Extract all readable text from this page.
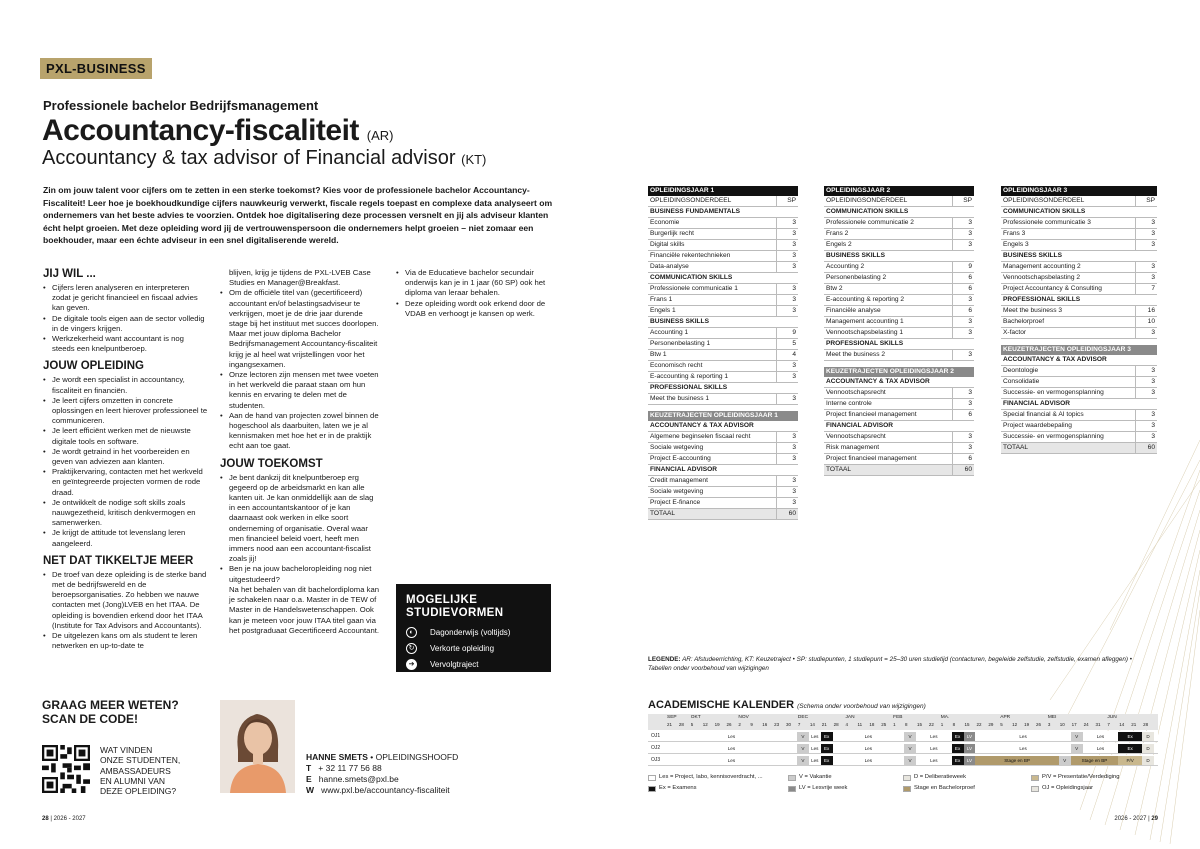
PXL-BUSINESS
Professionele bachelor Bedrijfsmanagement
Accountancy-fiscaliteit (AR)
Accountancy & tax advisor of Financial advisor (KT)
Zin om jouw talent voor cijfers om te zetten in een sterke toekomst? Kies voor de professionele bachelor Accountancy-Fiscaliteit! Leer hoe je boekhoudkundige cijfers nauwkeurig verwerkt, fiscale regels toepast en complexe data analyseert om ondernemers van het beste advies te voorzien. Ontdek hoe digitalisering deze processen versnelt en jij als adviseur klanten écht helpt groeien. Met deze opleiding word jij de vertrouwenspersoon die ondernemers helpt groeien – niet zomaar een boekhouder, maar een échte adviseur in een snel digitaliserende wereld.
JIJ WIL ...
• Cijfers leren analyseren en interpreteren zodat je gericht financieel en fiscaal advies kan geven.
• De digitale tools eigen aan de sector volledig in de vingers krijgen.
• Werkzekerheid want accountant is nog steeds een knelpuntberoep.
JOUW OPLEIDING
• Je wordt een specialist in accountancy, fiscaliteit en financiën.
• Je leert cijfers omzetten in concrete oplossingen en leert hierover professioneel te communiceren.
• Je leert efficiënt werken met de nieuwste digitale tools en software.
• Je wordt getraind in het voorbereiden en geven van adviezen aan klanten.
• Praktijkervaring, contacten met het werkveld en geïntegreerde projecten vormen de rode draad.
• Je ontwikkelt de nodige soft skills zoals nauwgezetheid, kritisch denkvermogen en samenwerken.
• Je krijgt de attitude tot levenslang leren aangeleerd.
NET DAT TIKKELTJE MEER
• De troef van deze opleiding is de sterke band met de bedrijfswereld en de beroepsorganisaties. Zo hebben we nauwe contacten met (Jong)LVEB en het ITAA. De opleiding is bovendien erkend door het ITAA (Institute for Tax Advisors and Accountants).
• De uitgelezen kans om als student te leren netwerken en up-to-date te

blijven, krijg je tijdens de PXL-LVEB Case Studies en Manager@Breakfast.

• Om de officiële titel van (gecertificeerd) accountant en/of belastingsadviseur te verkrijgen, moet je de drie jaar durende stage bij het instituut met succes doorlopen. Maar met jouw diploma Bachelor Bedrijfsmanagement Accountancy-fiscaliteit krijg je al heel wat vrijstellingen voor het ingangsexamen.
• Onze lectoren zijn mensen met twee voeten in het werkveld die paraat staan om hun kennis en ervaring te delen met de studenten.
• Aan de hand van projecten zowel binnen de hogeschool als daarbuiten, laten we je al kennismaken met hoe het er in de praktijk echt aan toe gaat.
JOUW TOEKOMST
• Je bent dankzij dit knelpuntberoep erg gegeerd op de arbeidsmarkt en kan alle kanten uit. Je kan onmiddellijk aan de slag in een accountantskantoor of je kan daarnaast ook werken in elke soort onderneming of organisatie. Overal waar men financieel beleid voert, heeft men immers nood aan een accountant-fiscalist zoals jij!
• Ben je na jouw bacheloropleiding nog niet uitgestudeerd?

Na het behalen van dit bachelordiploma kan je schakelen naar o.a. Master in de TEW of Master in de Handelswetenschappen. Ook kan je meteen voor jouw ITAA titel gaan via het postgraduaat Gecertificeerd Accountant.

• Via de Educatieve bachelor secundair onderwijs kan je in 1 jaar (60 SP) ook het diploma van leraar behalen.
• Deze opleiding wordt ook erkend door de VDAB en verhoogt je kansen op werk.
MOGELIJKE
STUDIEVORMEN
◐	Dagonderwijs (voltijds)
↻	Verkorte opleiding
➔	Vervolgtraject
GRAAG MEER WETEN?
SCAN DE CODE!
WAT VINDEN
ONZE STUDENTEN,
AMBASSADEURS
EN ALUMNI VAN
DEZE OPLEIDING?
HANNE SMETS • OPLEIDINGSHOOFD
T + 32 11 77 56 88
E hanne.smets@pxl.be
W www.pxl.be/accountancy-fiscaliteit
28 | 2026 - 2027	2026 - 2027 | 29
OPLEIDINGSJAAR 1	
OPLEIDINGSONDERDEEL	SP
BUSINESS FUNDAMENTALS	
Economie	3
Burgerlijk recht	3
Digital skills	3
Financiële rekentechnieken	3
Data-analyse	3
COMMUNICATION SKILLS	
Professionele communicatie 1	3
Frans 1	3
Engels 1	3
BUSINESS SKILLS	
Accounting 1	9
Personenbelasting 1	5
Btw 1	4
Economisch recht	3
E-accounting & reporting 1	3
PROFESSIONAL SKILLS	
Meet the business 1	3

KEUZETRAJECTEN OPLEIDINGSJAAR 1	
ACCOUNTANCY & TAX ADVISOR	
Algemene beginselen fiscaal recht	3
Sociale wetgeving	3
Project E-accounting	3
FINANCIAL ADVISOR	
Credit management	3
Sociale wetgeving	3
Project E-finance	3
TOTAAL	60
OPLEIDINGSJAAR 2	
OPLEIDINGSONDERDEEL	SP
COMMUNICATION SKILLS	
Professionele communicatie 2	3
Frans 2	3
Engels 2	3
BUSINESS SKILLS	
Accounting 2	9
Personenbelasting 2	6
Btw 2	6
E-accounting & reporting 2	3
Financiële analyse	6
Management accounting 1	3
Vennootschapsbelasting 1	3
PROFESSIONAL SKILLS	
Meet the business 2	3

KEUZETRAJECTEN OPLEIDINGSJAAR 2	
ACCOUNTANCY & TAX ADVISOR	
Vennootschapsrecht	3
Interne controle	3
Project financieel management	6
FINANCIAL ADVISOR	
Vennootschapsrecht	3
Risk management	3
Project financieel management	6
TOTAAL	60
OPLEIDINGSJAAR 3	
OPLEIDINGSONDERDEEL	SP
COMMUNICATION SKILLS	
Professionele communicatie 3	3
Frans 3	3
Engels 3	3
BUSINESS SKILLS	
Management accounting 2	3
Vennootschapsbelasting 2	3
Project Accountancy & Consulting	7
PROFESSIONAL SKILLS	
Meet the business 3	16
Bachelorproef	10
X-factor	3

KEUZETRAJECTEN OPLEIDINGSJAAR 3	
ACCOUNTANCY & TAX ADVISOR	
Deontologie	3
Consolidatie	3
Successie- en vermogensplanning	3
FINANCIAL ADVISOR	
Special financial & AI topics	3
Project waardebepaling	3
Successie- en vermogensplanning	3
TOTAAL	60
LEGENDE: AR: Afstudeerrichting, KT: Keuzetraject • SP: studiepunten, 1 studiepunt = 25–30 uren studietijd (contacturen, begeleide zelfstudie, zelfstudie, examen afleggen) • Tabellen onder voorbehoud van wijzigingen
ACADEMISCHE KALENDER (Schema onder voorbehoud van wijzigingen)
SEP	OKT	NOV	DEC	JAN	FEB	MA.	APR	MEI	JUN
21 28 5 12 19 26 2 9 16 23 30 7 14 21 28 4 11 18 25 1 8 15 22 1 8 15 22 29 5 12 19 26 3 10 17 24 31 7 14 21 28
OJ1	Les	V	Les	Ex	Les	V	Les	Ex	LV	Les	V	Les	Ex	D
OJ2	Les	V	Les	Ex	Les	V	Les	Ex	LV	Les	V	Les	Ex	D
OJ3	Les	V	Les	Ex	Les	V	Les	Ex	LV	Stage en BP	V	Stage en BP	P/V	D
Les = Project, labo, kennisoverdracht, ...	V = Vakantie	D = Deliberatieweek	P/V = Presentatie/Verdediging
Ex = Examens	LV = Lesvrije week	Stage en Bachelorproef	OJ = Opleidingsjaar
